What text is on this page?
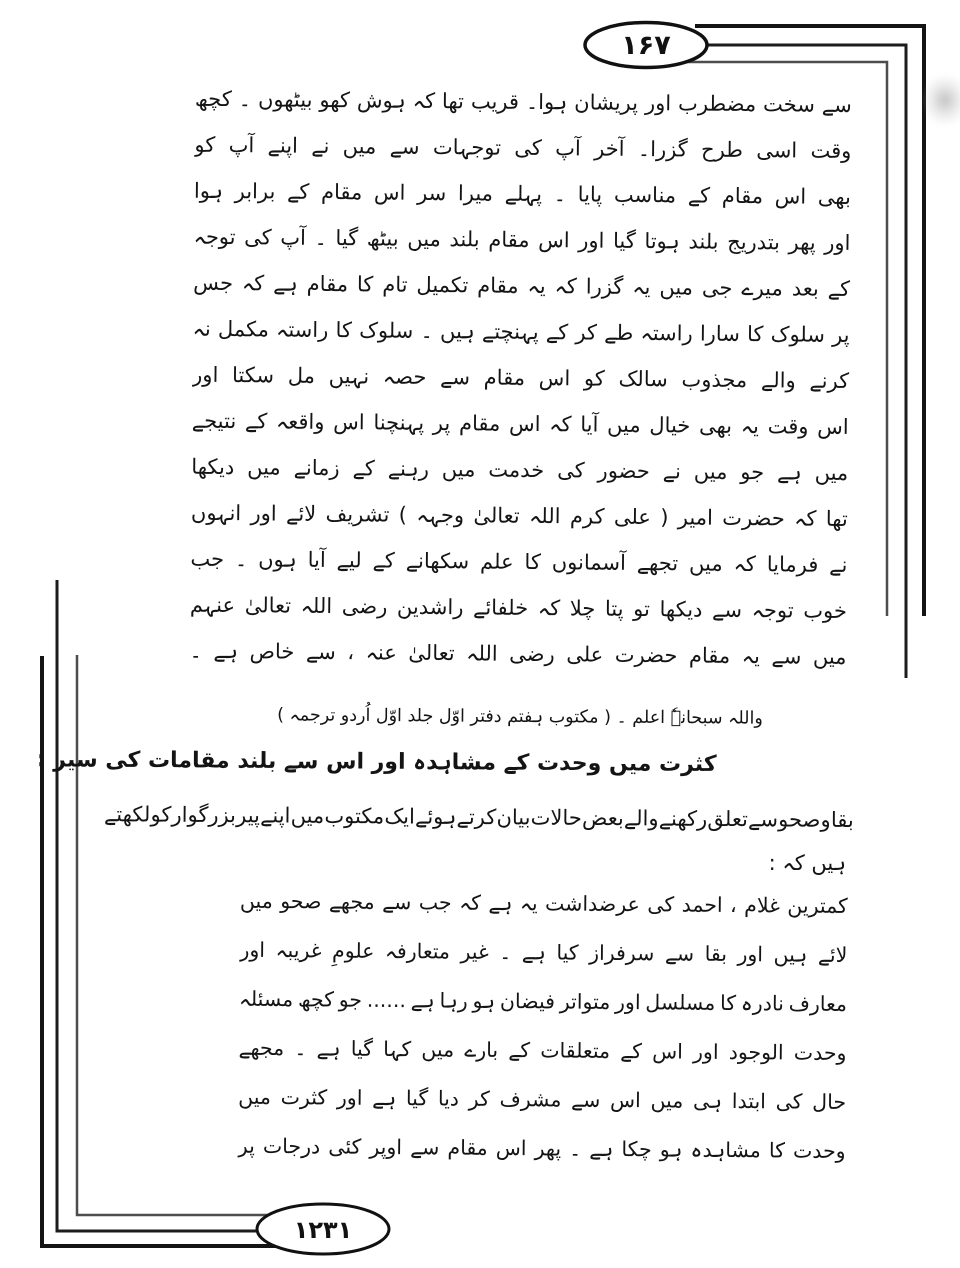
۱۶۷
۱۲۳۱
سے
سخت
مضطرب
اور
پریشان
ہوا۔
قریب
تھا
کہ
ہوش
کھو
بیٹھوں
۔
کچھ
وقت
اسی
طرح
گزرا۔
آخر
آپ
کی
توجہات
سے
میں
نے
اپنے
آپ
کو
بھی
اس
مقام
کے
مناسب
پایا
۔
پہلے
میرا
سر
اس
مقام
کے
برابر
ہوا
اور
پھر
بتدریج
بلند
ہوتا
گیا
اور
اس
مقام
بلند
میں
بیٹھ
گیا
۔
آپ
کی
توجہ
کے
بعد
میرے
جی
میں
یہ
گزرا
کہ
یہ
مقام
تکمیل
تام
کا
مقام
ہے
کہ
جس
پر
سلوک
کا
سارا
راستہ
طے
کر
کے
پہنچتے
ہیں
۔
سلوک
کا
راستہ
مکمل
نہ
کرنے
والے
مجذوب
سالک
کو
اس
مقام
سے
حصہ
نہیں
مل
سکتا
اور
اس
وقت
یہ
بھی
خیال
میں
آیا
کہ
اس
مقام
پر
پہنچنا
اس
واقعہ
کے
نتیجے
میں
ہے
جو
میں
نے
حضور
کی
خدمت
میں
رہنے
کے
زمانے
میں
دیکھا
تھا
کہ
حضرت
امیر
(
علی
کرم
اللہ
تعالیٰ
وجہہ
)
تشریف
لائے
اور
انہوں
نے
فرمایا
کہ
میں
تجھے
آسمانوں
کا
علم
سکھانے
کے
لیے
آیا
ہوں
۔
جب
خوب
توجہ
سے
دیکھا
تو
پتا
چلا
کہ
خلفائے
راشدین
رضی
اللہ
تعالیٰ
عنہم
میں
سے
یہ
مقام
حضرت
علی
رضی
اللہ
تعالیٰ
عنہ
،
سے
خاص
ہے
۔
واللہ سبحانہٗ اعلم ۔ ( مکتوب ہفتم دفتر اوّل جلد اوّل اُردو ترجمہ )
کثرت میں وحدت کے مشاہدہ اور اس سے بلند مقامات کی سیر :
بقا
و
صحو
سے
تعلق
رکھنے
والے
بعض
حالات
بیان
کرتے
ہوئے
ایک
مکتوب
میں
اپنے
پیر
بزرگوار
کو
لکھتے
ہیں کہ :
کمترین
غلام
،
احمد
کی
عرضداشت
یہ
ہے
کہ
جب
سے
مجھے
صحو
میں
لائے
ہیں
اور
بقا
سے
سرفراز
کیا
ہے
۔
غیر
متعارفہ
علومِ
غریبہ
اور
معارف
نادرہ
کا
مسلسل
اور
متواتر
فیضان
ہو
رہا
ہے
......
جو
کچھ
مسئلہ
وحدت
الوجود
اور
اس
کے
متعلقات
کے
بارے
میں
کہا
گیا
ہے
۔
مجھے
حال
کی
ابتدا
ہی
میں
اس
سے
مشرف
کر
دیا
گیا
ہے
اور
کثرت
میں
وحدت
کا
مشاہدہ
ہو
چکا
ہے
۔
پھر
اس
مقام
سے
اوپر
کئی
درجات
پر
